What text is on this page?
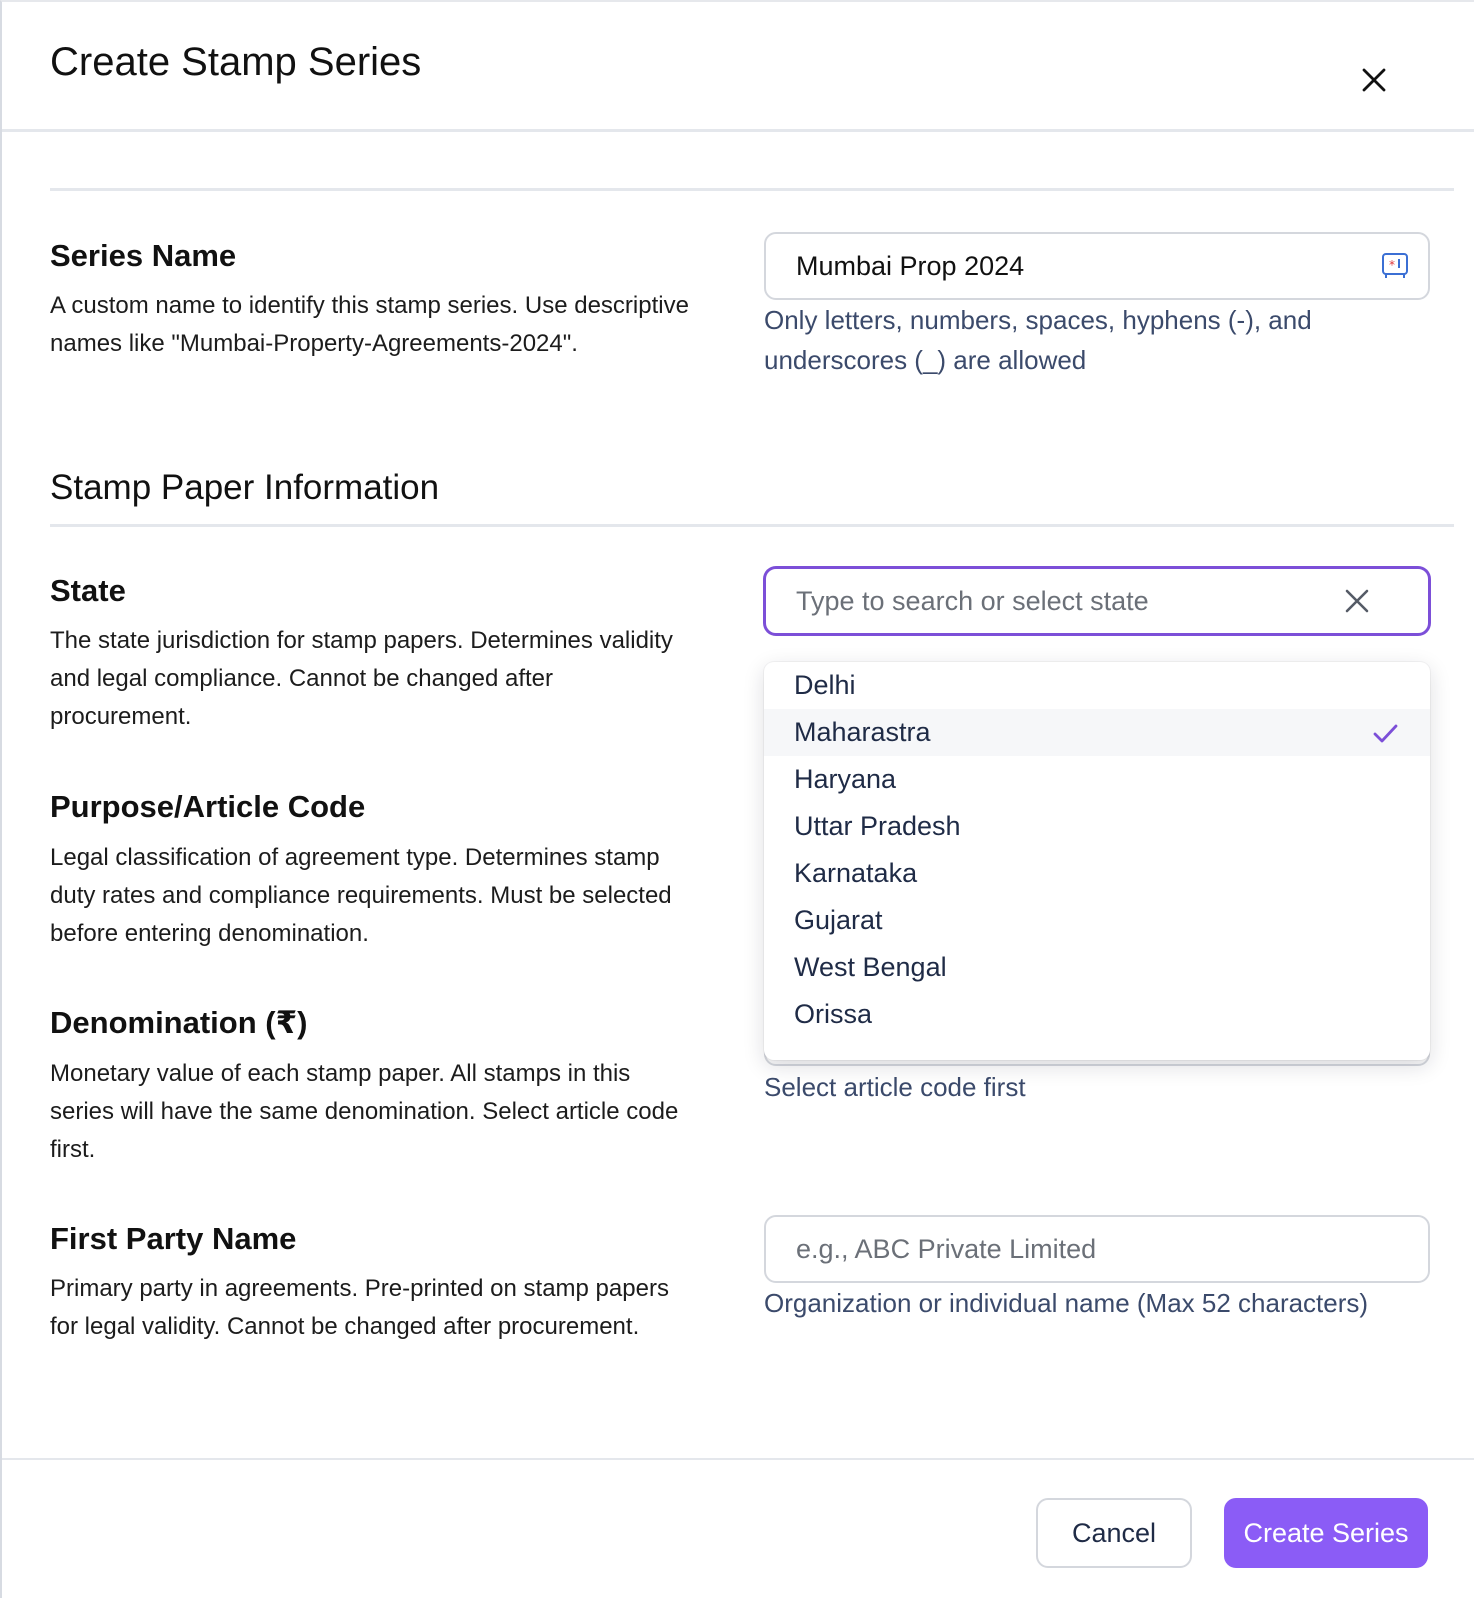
Create Stamp Series
Series Name

A custom name to identify this stamp series. Use descriptive names like "Mumbai-Property-Agreements-2024".

Mumbai Prop 2024
*

Only letters, numbers, spaces, hyphens (-), and underscores (_) are allowed

Stamp Paper Information
State

The state jurisdiction for stamp papers. Determines validity and legal compliance. Cannot be changed after procurement.

Type to search or select state
Purpose/Article Code

Legal classification of agreement type. Determines stamp duty rates and compliance requirements. Must be selected before entering denomination.

Denomination (₹)

Monetary value of each stamp paper. All stamps in this series will have the same denomination. Select article code first.

Select article code first

First Party Name

Primary party in agreements. Pre-printed on stamp papers for legal validity. Cannot be changed after procurement.

e.g., ABC Private Limited

Organization or individual name (Max 52 characters)

Delhi
Maharastra
Haryana
Uttar Pradesh
Karnataka
Gujarat
West Bengal
Orissa
Cancel	Create Series
